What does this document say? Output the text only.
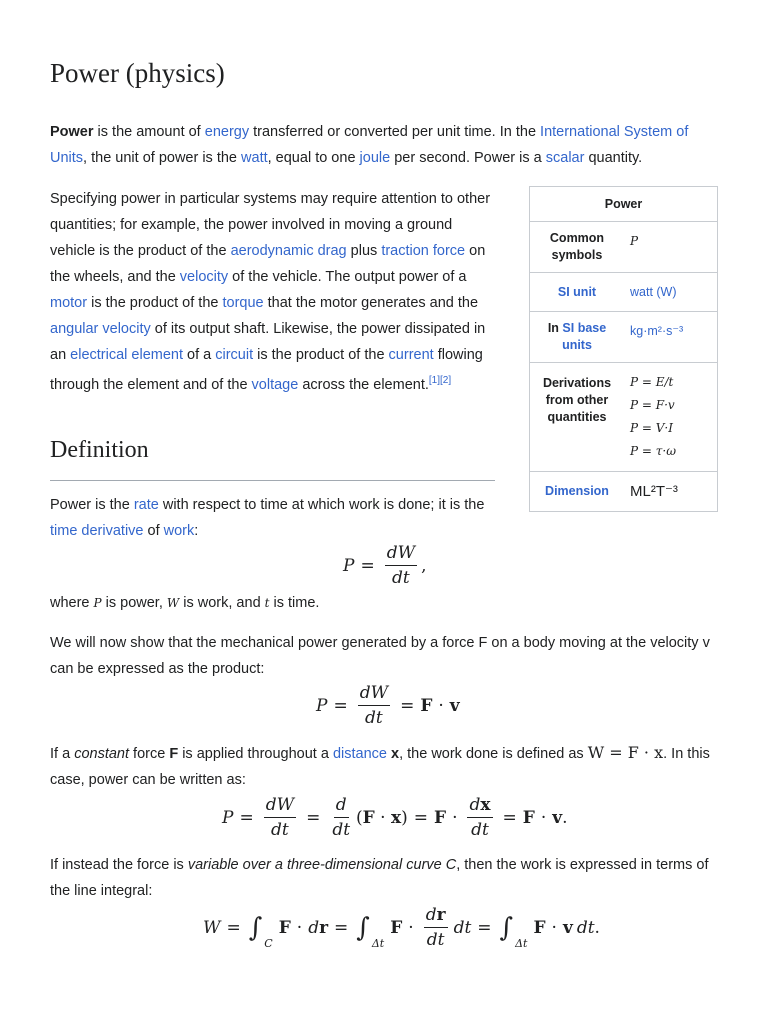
Power (physics)

Power is the amount of energy transferred or converted per unit time. In the International System of Units, the unit of power is the watt, equal to one joule per second. Power is a scalar quantity.

Specifying power in particular systems may require attention to other quantities; for example, the power involved in moving a ground vehicle is the product of the aerodynamic drag plus traction force on the wheels, and the velocity of the vehicle. The output power of a motor is the product of the torque that the motor generates and the angular velocity of its output shaft. Likewise, the power dissipated in an electrical element of a circuit is the product of the current flowing through the element and of the voltage across the element.[1][2]

Definition

Power is the rate with respect to time at which work is done; it is the time derivative of work:

$P = \frac{dW}{dt}$ ,

where P is power, W is work, and t is time.

We will now show that the mechanical power generated by a force F on a body moving at the velocity v can be expressed as the product:

$P = \frac{dW}{dt} = F \cdot v$

If a constant force F is applied throughout a distance x, the work done is defined as W = F · x. In this case, power can be written as:

$P = \frac{dW}{dt} = \frac{d}{dt} (F \cdot x) = F \cdot \frac{dx}{dt} = F \cdot v$ .

If instead the force is variable over a three-dimensional curve C, then the work is expressed in terms of the line integral:

W = ∫
C
F · dr = ∫
Δt
$F \cdot \frac{dr}{dt}$ dt = ∫
Δt
F · v dt .
Power
Common symbols
P
SI unit	watt (W)
In SI base units
kg·m²·s⁻³
Derivations from other quantities
P = E/t
P = F·v
P = V·I
P = τ·ω
Dimension	ML²T⁻³
